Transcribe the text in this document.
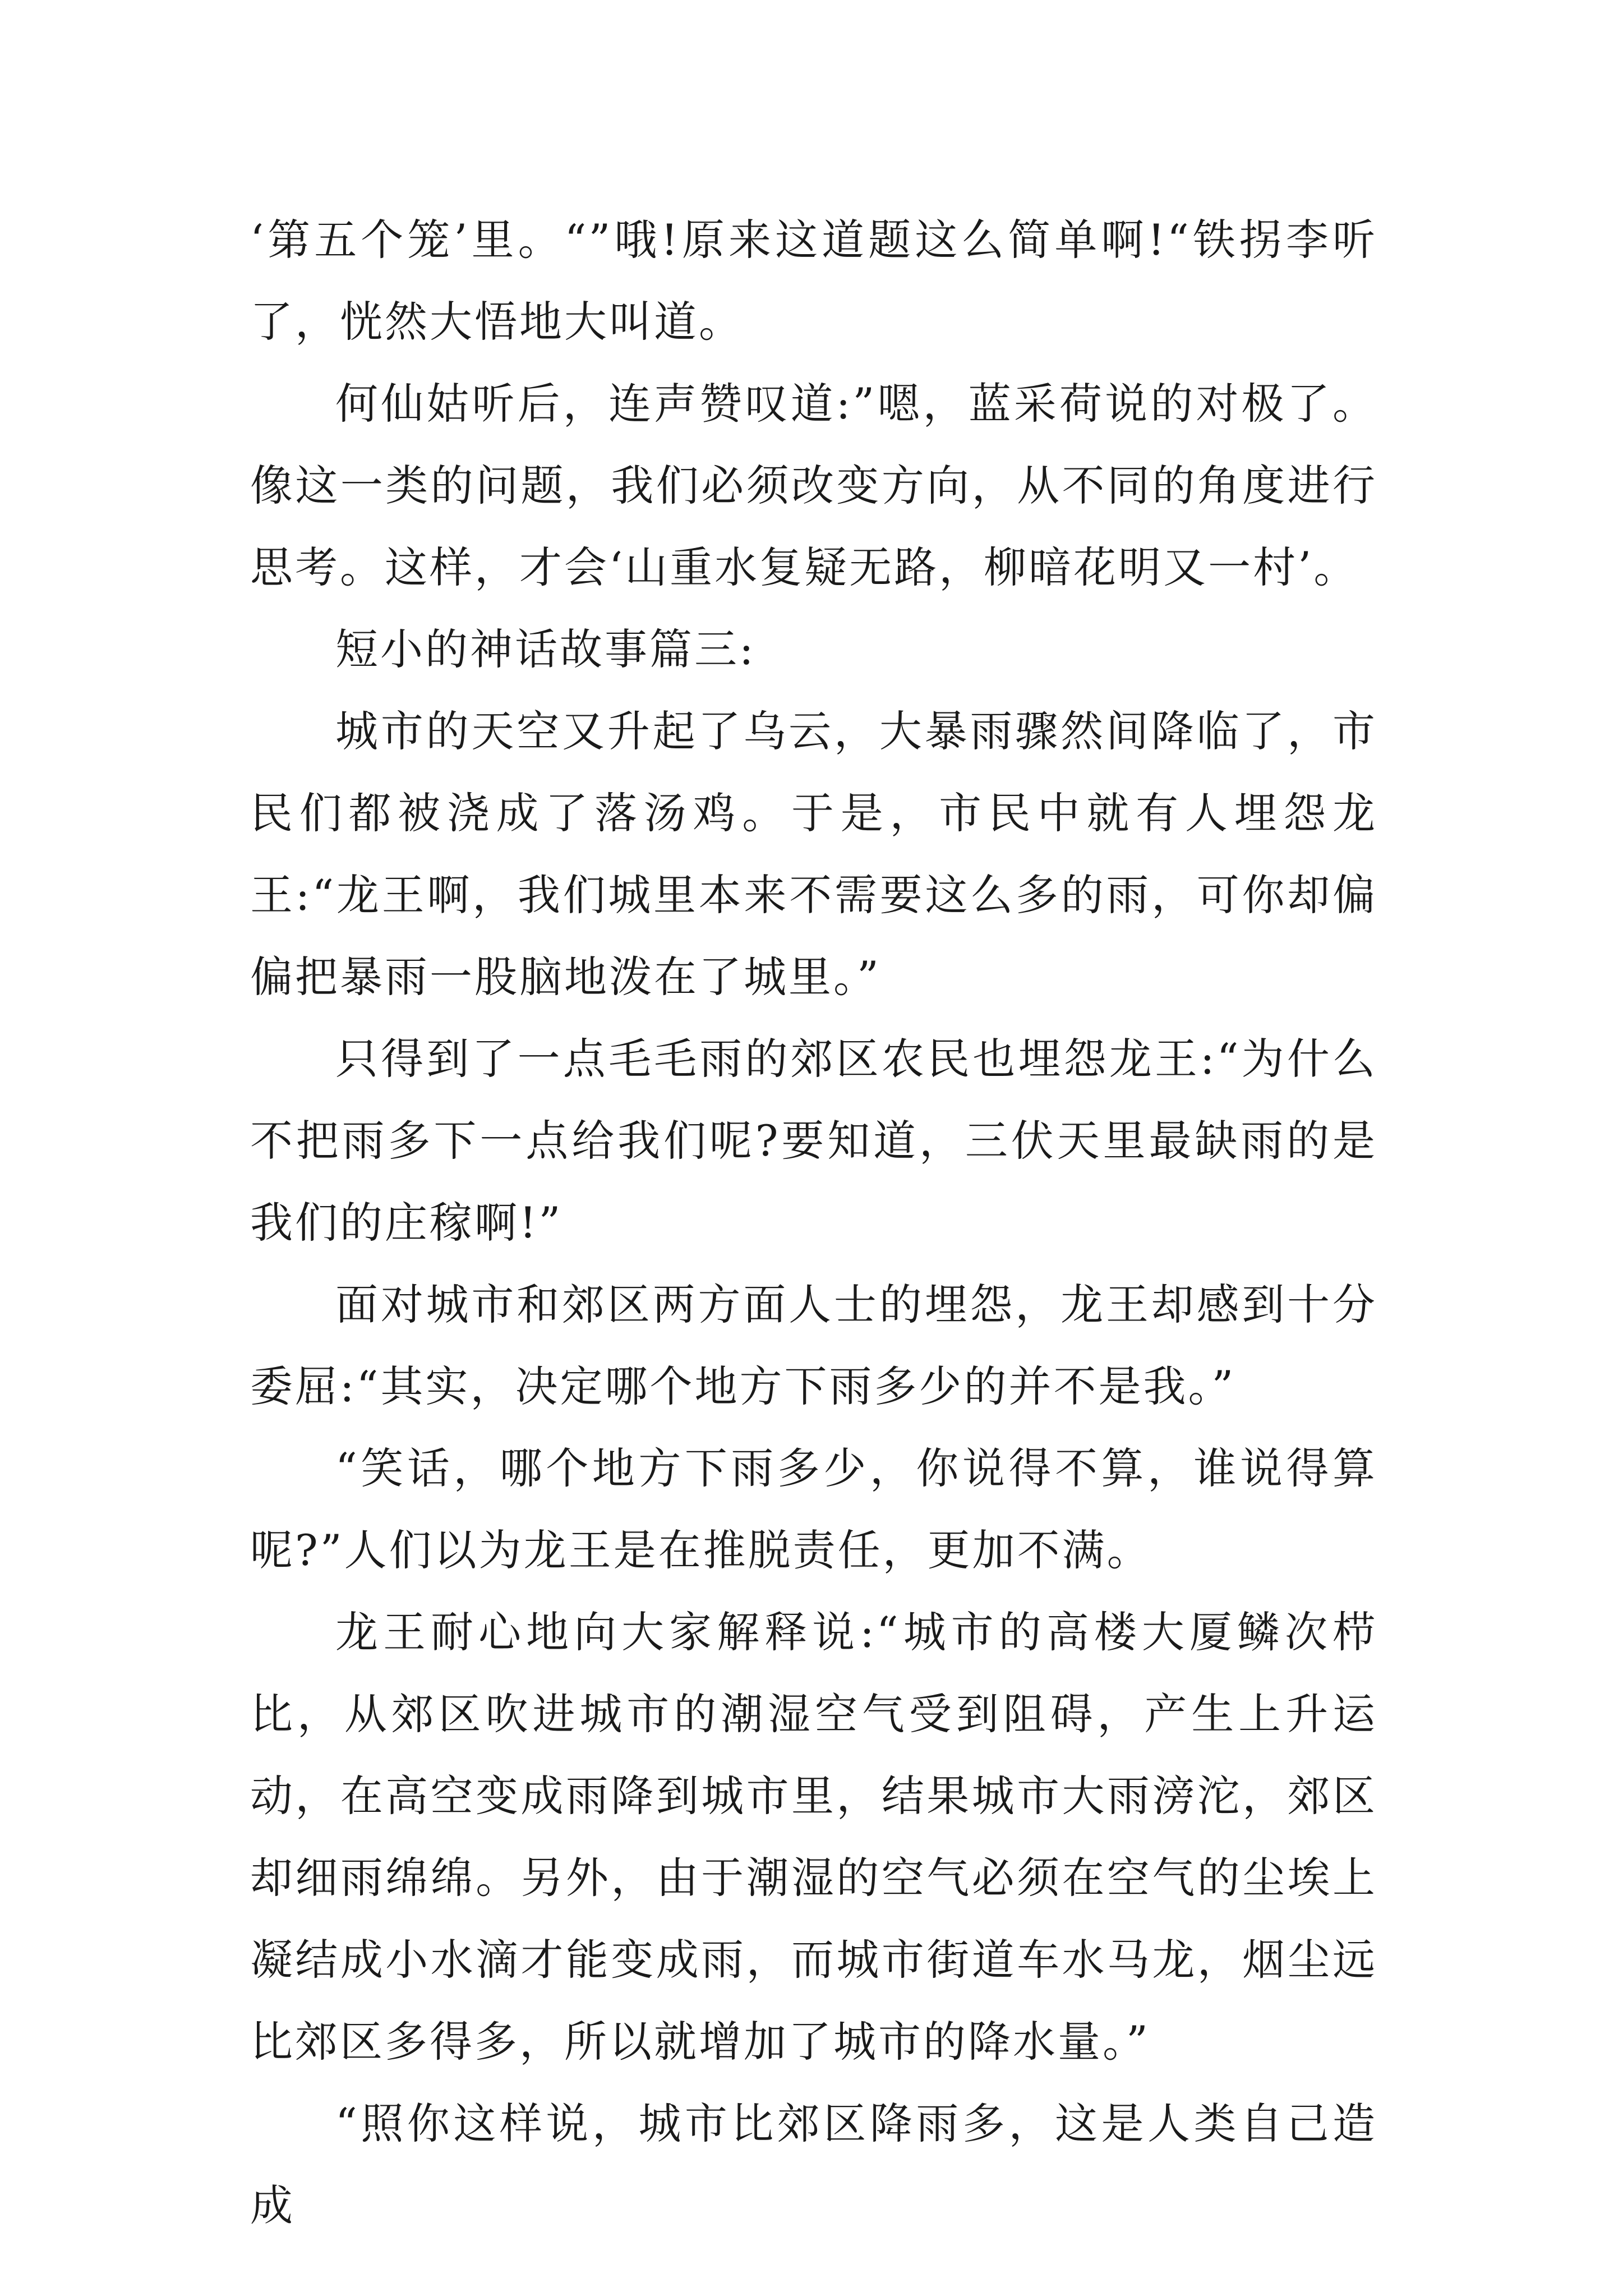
‘第五个笼’里。“”哦!原来这道题这么简单啊!“铁拐李听了，恍然大悟地大叫道。

何仙姑听后，连声赞叹道:”嗯，蓝采荷说的对极了。像这一类的问题，我们必须改变方向，从不同的角度进行思考。这样，才会‘山重水复疑无路，柳暗花明又一村’。

短小的神话故事篇三:

城市的天空又升起了乌云，大暴雨骤然间降临了，市民们都被浇成了落汤鸡。于是，市民中就有人埋怨龙王:“龙王啊，我们城里本来不需要这么多的雨，可你却偏偏把暴雨一股脑地泼在了城里。”

只得到了一点毛毛雨的郊区农民也埋怨龙王:“为什么不把雨多下一点给我们呢?要知道，三伏天里最缺雨的是我们的庄稼啊!”

面对城市和郊区两方面人士的埋怨，龙王却感到十分委屈:“其实，决定哪个地方下雨多少的并不是我。”

“笑话，哪个地方下雨多少，你说得不算，谁说得算呢?”人们以为龙王是在推脱责任，更加不满。

龙王耐心地向大家解释说:“城市的高楼大厦鳞次栉比，从郊区吹进城市的潮湿空气受到阻碍，产生上升运动，在高空变成雨降到城市里，结果城市大雨滂沱，郊区却细雨绵绵。另外，由于潮湿的空气必须在空气的尘埃上凝结成小水滴才能变成雨，而城市街道车水马龙，烟尘远比郊区多得多，所以就增加了城市的降水量。”

“照你这样说，城市比郊区降雨多，这是人类自己造成
